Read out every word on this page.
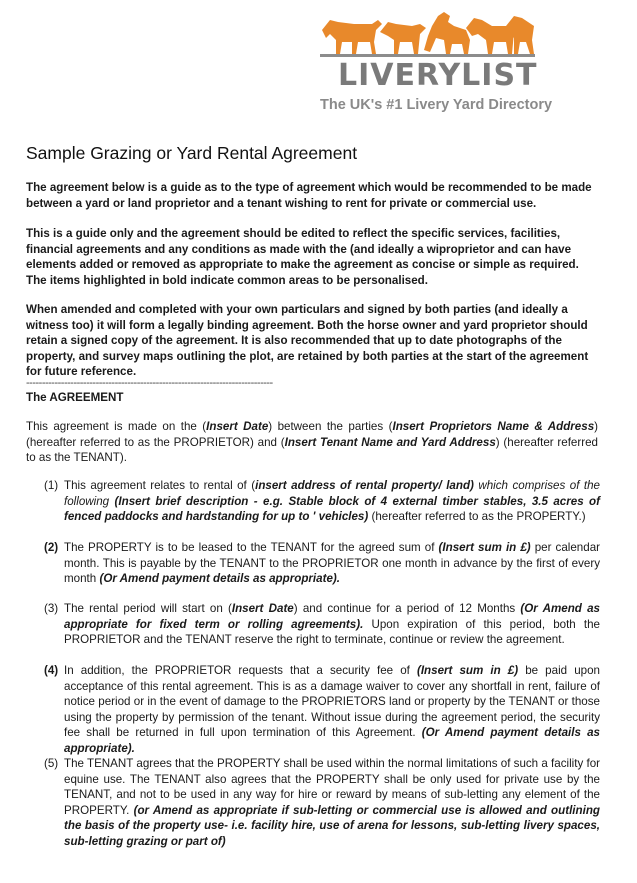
LIVERYLIST
The UK's #1 Livery Yard Directory
Sample Grazing or Yard Rental Agreement

The agreement below is a guide as to the type of agreement which would be recommended to be made between a yard or land proprietor and a tenant wishing to rent for private or commercial use.

This is a guide only and the agreement should be edited to reflect the specific services, facilities, financial agreements and any conditions as made with the (and ideally a wiproprietor and can have elements added or removed as appropriate to make the agreement as concise or simple as required. The items highlighted in bold indicate common areas to be personalised.

When amended and completed with your own particulars and signed by both parties (and ideally a witness too) it will form a legally binding agreement. Both the horse owner and yard proprietor should retain a signed copy of the agreement. It is also recommended that up to date photographs of the property, and survey maps outlining the plot, are retained by both parties at the start of the agreement for future reference.

------------------------------------------------------------------------------
The AGREEMENT

This agreement is made on the (Insert Date) between the parties (Insert Proprietors Name & Address) (hereafter referred to as the PROPRIETOR) and (Insert Tenant Name and Yard Address) (hereafter referred to as the TENANT).

(1) This agreement relates to rental of (insert address of rental property/ land) which comprises of the following (Insert brief description - e.g. Stable block of 4 external timber stables, 3.5 acres of fenced paddocks and hardstanding for up to ' vehicles) (hereafter referred to as the PROPERTY.)
(2) The PROPERTY is to be leased to the TENANT for the agreed sum of (Insert sum in £) per calendar month. This is payable by the TENANT to the PROPRIETOR one month in advance by the first of every month (Or Amend payment details as appropriate).
(3) The rental period will start on (Insert Date) and continue for a period of 12 Months (Or Amend as appropriate for fixed term or rolling agreements). Upon expiration of this period, both the PROPRIETOR and the TENANT reserve the right to terminate, continue or review the agreement.
(4) In addition, the PROPRIETOR requests that a security fee of (Insert sum in £) be paid upon acceptance of this rental agreement. This is as a damage waiver to cover any shortfall in rent, failure of notice period or in the event of damage to the PROPRIETORS land or property by the TENANT or those using the property by permission of the tenant. Without issue during the agreement period, the security fee shall be returned in full upon termination of this Agreement. (Or Amend payment details as appropriate).
(5) The TENANT agrees that the PROPERTY shall be used within the normal limitations of such a facility for equine use. The TENANT also agrees that the PROPERTY shall be only used for private use by the TENANT, and not to be used in any way for hire or reward by means of sub-letting any element of the PROPERTY. (or Amend as appropriate if sub-letting or commercial use is allowed and outlining the basis of the property use- i.e. facility hire, use of arena for lessons, sub-letting livery spaces, sub-letting grazing or part of)
